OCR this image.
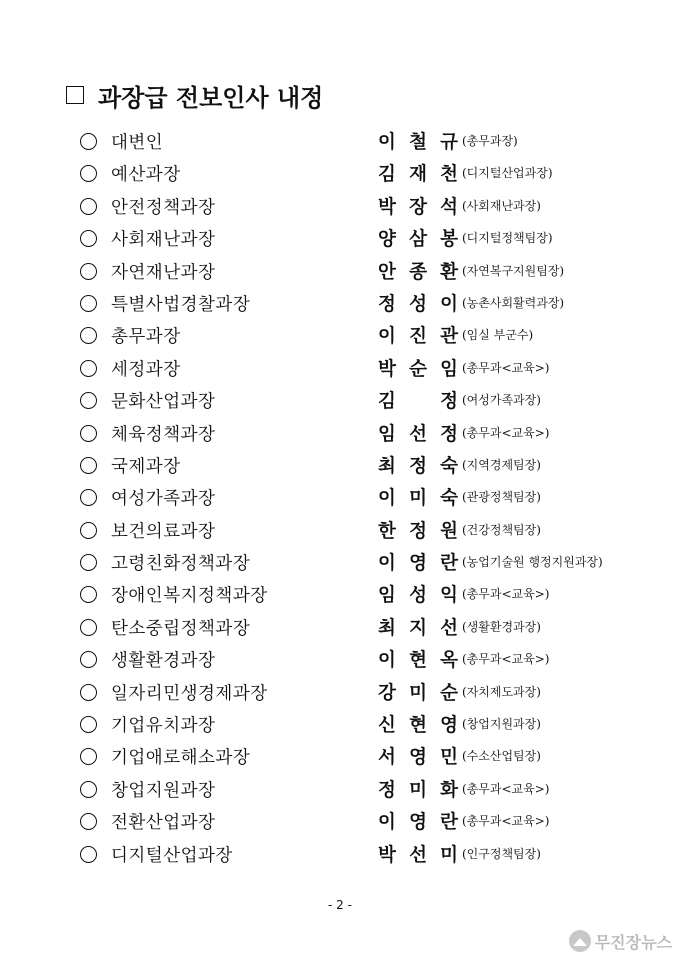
과장급 전보인사 내정
대변인	이 철 규 (총무과장)
예산과장	김 재 천 (디지털산업과장)
안전정책과장	박 장 석 (사회재난과장)
사회재난과장	양 삼 봉 (디지털정책팀장)
자연재난과장	안 종 환 (자연복구지원팀장)
특별사법경찰과장	정 성 이 (농촌사회활력과장)
총무과장	이 진 관 (임실 부군수)
세정과장	박 순 임 (총무과<교육>)
문화산업과장	김 정 (여성가족과장)
체육정책과장	임 선 정 (총무과<교육>)
국제과장	최 정 숙 (지역경제팀장)
여성가족과장	이 미 숙 (관광정책팀장)
보건의료과장	한 정 원 (건강정책팀장)
고령친화정책과장	이 영 란 (농업기술원 행정지원과장)
장애인복지정책과장	임 성 익 (총무과<교육>)
탄소중립정책과장	최 지 선 (생활환경과장)
생활환경과장	이 현 옥 (총무과<교육>)
일자리민생경제과장	강 미 순 (자치제도과장)
기업유치과장	신 현 영 (창업지원과장)
기업애로해소과장	서 영 민 (수소산업팀장)
창업지원과장	정 미 화 (총무과<교육>)
전환산업과장	이 영 란 (총무과<교육>)
디지털산업과장	박 선 미 (인구정책팀장)
- 2 -
무진장뉴스
